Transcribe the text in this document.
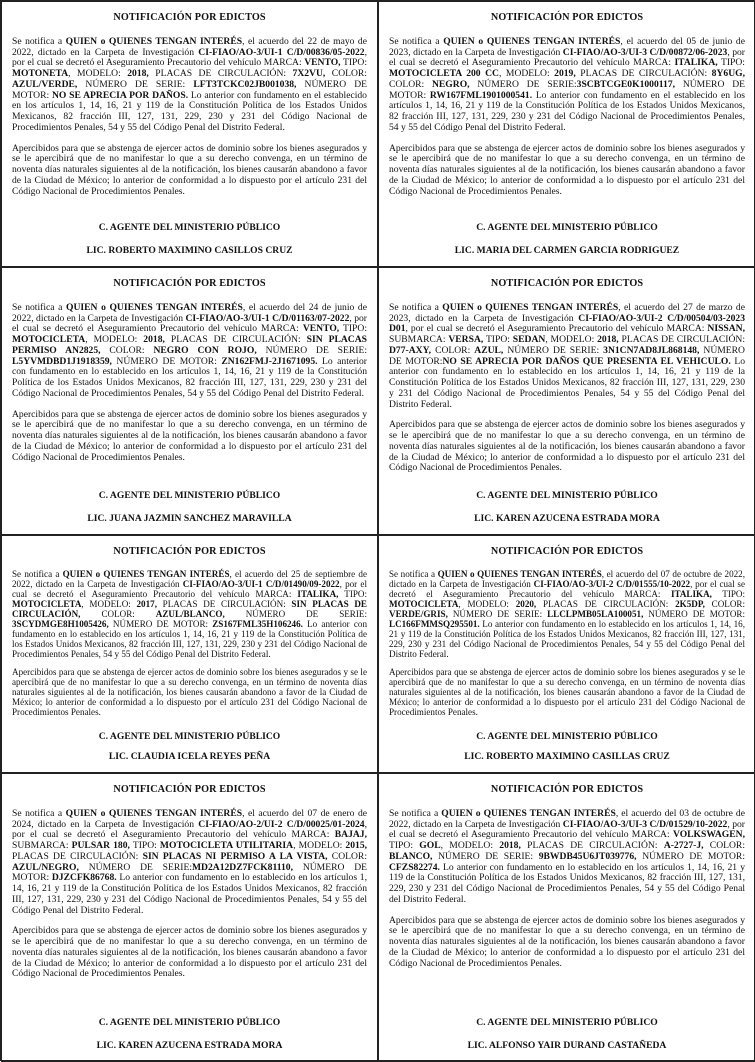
NOTIFICACIÓN POR EDICTOS

Se notifica a QUIEN o QUIENES TENGAN INTERÉS, el acuerdo del 22 de mayo de 2022, dictado en la Carpeta de Investigación CI-FIAO/AO-3/UI-1 C/D/00836/05-2022, por el cual se decretó el Aseguramiento Precautorio del vehículo MARCA: VENTO, TIPO: MOTONETA, MODELO: 2018, PLACAS DE CIRCULACIÓN: 7X2VU, COLOR: AZUL/VERDE, NÚMERO DE SERIE: LFT3TCKC02JB001038, NÚMERO DE MOTOR: NO SE APRECIA POR DAÑOS. Lo anterior con fundamento en el establecido en los artículos 1, 14, 16, 21 y 119 de la Constitución Política de los Estados Unidos Mexicanos, 82 fracción III, 127, 131, 229, 230 y 231 del Código Nacional de Procedimientos Penales, 54 y 55 del Código Penal del Distrito Federal.

Apercibidos para que se abstenga de ejercer actos de dominio sobre los bienes asegurados y se le apercibirá que de no manifestar lo que a su derecho convenga, en un término de noventa días naturales siguientes al de la notificación, los bienes causarán abandono a favor de la Ciudad de México; lo anterior de conformidad a lo dispuesto por el artículo 231 del Código Nacional de Procedimientos Penales.

C. AGENTE DEL MINISTERIO PÚBLICO
LIC. ROBERTO MAXIMINO CASILLOS CRUZ
NOTIFICACIÓN POR EDICTOS

Se notifica a QUIEN o QUIENES TENGAN INTERÉS, el acuerdo del 05 de junio de 2023, dictado en la Carpeta de Investigación CI-FIAO/AO-3/UI-3 C/D/00872/06-2023, por el cual se decretó el Aseguramiento Precautorio del vehículo MARCA: ITALIKA, TIPO: MOTOCICLETA 200 CC, MODELO: 2019, PLACAS DE CIRCULACIÓN: 8Y6UG, COLOR: NEGRO, NÚMERO DE SERIE:3SCBTCGE0K1000117, NÚMERO DE MOTOR: RW167FML1901000541. Lo anterior con fundamento en el establecido en los artículos 1, 14, 16, 21 y 119 de la Constitución Política de los Estados Unidos Mexicanos, 82 fracción III, 127, 131, 229, 230 y 231 del Código Nacional de Procedimientos Penales, 54 y 55 del Código Penal del Distrito Federal.

Apercibidos para que se abstenga de ejercer actos de dominio sobre los bienes asegurados y se le apercibirá que de no manifestar lo que a su derecho convenga, en un término de noventa días naturales siguientes al de la notificación, los bienes causarán abandono a favor de la Ciudad de México; lo anterior de conformidad a lo dispuesto por el artículo 231 del Código Nacional de Procedimientos Penales.

C. AGENTE DEL MINISTERIO PÚBLICO
LIC. MARIA DEL CARMEN GARCIA RODRIGUEZ
NOTIFICACIÓN POR EDICTOS

Se notifica a QUIEN o QUIENES TENGAN INTERÉS, el acuerdo del 24 de junio de 2022, dictado en la Carpeta de Investigación CI-FIAO/AO-3/UI-1 C/D/01163/07-2022, por el cual se decretó el Aseguramiento Precautorio del vehículo MARCA: VENTO, TIPO: MOTOCICLETA, MODELO: 2018, PLACAS DE CIRCULACIÓN: SIN PLACAS PERMISO AN2825, COLOR: NEGRO CON ROJO, NÚMERO DE SERIE: L5YVMDBD1J1918359, NÚMERO DE MOTOR: ZN162FMJ-2J1671095. Lo anterior con fundamento en lo establecido en los artículos 1, 14, 16, 21 y 119 de la Constitución Política de los Estados Unidos Mexicanos, 82 fracción III, 127, 131, 229, 230 y 231 del Código Nacional de Procedimientos Penales, 54 y 55 del Código Penal del Distrito Federal.

Apercibidos para que se abstenga de ejercer actos de dominio sobre los bienes asegurados y se le apercibirá que de no manifestar lo que a su derecho convenga, en un término de noventa días naturales siguientes al de la notificación, los bienes causarán abandono a favor de la Ciudad de México; lo anterior de conformidad a lo dispuesto por el artículo 231 del Código Nacional de Procedimientos Penales.

C. AGENTE DEL MINISTERIO PÚBLICO
LIC. JUANA JAZMIN SANCHEZ MARAVILLA
NOTIFICACIÓN POR EDICTOS

Se notifica a QUIEN o QUIENES TENGAN INTERÉS, el acuerdo del 27 de marzo de 2023, dictado en la Carpeta de Investigación CI-FIAO/AO-3/UI-2 C/D/00504/03-2023 D01, por el cual se decretó el Aseguramiento Precautorio del vehículo MARCA: NISSAN, SUBMARCA: VERSA, TIPO: SEDAN, MODELO: 2018, PLACAS DE CIRCULACIÓN: D77-AXY, COLOR: AZUL, NÚMERO DE SERIE: 3N1CN7AD8JL868148, NÚMERO DE MOTOR:NO SE APRECIA POR DAÑOS QUE PRESENTA EL VEHICULO. Lo anterior con fundamento en lo establecido en los artículos 1, 14, 16, 21 y 119 de la Constitución Política de los Estados Unidos Mexicanos, 82 fracción III, 127, 131, 229, 230 y 231 del Código Nacional de Procedimientos Penales, 54 y 55 del Código Penal del Distrito Federal.

Apercibidos para que se abstenga de ejercer actos de dominio sobre los bienes asegurados y se le apercibirá que de no manifestar lo que a su derecho convenga, en un término de noventa días naturales siguientes al de la notificación, los bienes causarán abandono a favor de la Ciudad de México; lo anterior de conformidad a lo dispuesto por el artículo 231 del Código Nacional de Procedimientos Penales.

C. AGENTE DEL MINISTERIO PÚBLICO
LIC. KAREN AZUCENA ESTRADA MORA
NOTIFICACIÓN POR EDICTOS

Se notifica a QUIEN o QUIENES TENGAN INTERÉS, el acuerdo del 25 de septiembre de 2022, dictado en la Carpeta de Investigación CI-FIAO/AO-3/UI-1 C/D/01490/09-2022, por el cual se decretó el Aseguramiento Precautorio del vehículo MARCA: ITALIKA, TIPO: MOTOCICLETA, MODELO: 2017, PLACAS DE CIRCULACIÓN: SIN PLACAS DE CIRCULACIÓN, COLOR: AZUL/BLANCO, NÚMERO DE SERIE: 3SCYDMGE8H1005426, NÚMERO DE MOTOR: ZS167FML35H106246. Lo anterior con fundamento en lo establecido en los artículos 1, 14, 16, 21 y 119 de la Constitución Política de los Estados Unidos Mexicanos, 82 fracción III, 127, 131, 229, 230 y 231 del Código Nacional de Procedimientos Penales, 54 y 55 del Código Penal del Distrito Federal.

Apercibidos para que se abstenga de ejercer actos de dominio sobre los bienes asegurados y se le apercibirá que de no manifestar lo que a su derecho convenga, en un término de noventa días naturales siguientes al de la notificación, los bienes causarán abandono a favor de la Ciudad de México; lo anterior de conformidad a lo dispuesto por el artículo 231 del Código Nacional de Procedimientos Penales.

C. AGENTE DEL MINISTERIO PÚBLICO
LIC. CLAUDIA ICELA REYES PEÑA
NOTIFICACIÓN POR EDICTOS

Se notifica a QUIEN o QUIENES TENGAN INTERÉS, el acuerdo del 07 de octubre de 2022, dictado en la Carpeta de Investigación CI-FIAO/AO-3/UI-2 C/D/01555/10-2022, por el cual se decretó el Aseguramiento Precautorio del vehículo MARCA: ITALIKA, TIPO: MOTOCICLETA, MODELO: 2020, PLACAS DE CIRCULACIÓN: 2K5DP, COLOR: VERDE/GRIS, NÚMERO DE SERIE: LLCLPMB05LA100051, NÚMERO DE MOTOR: LC166FMMSQ295501. Lo anterior con fundamento en lo establecido en los artículos 1, 14, 16, 21 y 119 de la Constitución Política de los Estados Unidos Mexicanos, 82 fracción III, 127, 131, 229, 230 y 231 del Código Nacional de Procedimientos Penales, 54 y 55 del Código Penal del Distrito Federal.

Apercibidos para que se abstenga de ejercer actos de dominio sobre los bienes asegurados y se le apercibirá que de no manifestar lo que a su derecho convenga, en un término de noventa días naturales siguientes al de la notificación, los bienes causarán abandono a favor de la Ciudad de México; lo anterior de conformidad a lo dispuesto por el artículo 231 del Código Nacional de Procedimientos Penales.

C. AGENTE DEL MINISTERIO PÚBLICO
LIC. ROBERTO MAXIMINO CASILLAS CRUZ
NOTIFICACIÓN POR EDICTOS

Se notifica a QUIEN o QUIENES TENGAN INTERÉS, el acuerdo del 07 de enero de 2024, dictado en la Carpeta de Investigación CI-FIAO/AO-2/UI-2 C/D/00025/01-2024, por el cual se decretó el Aseguramiento Precautorio del vehículo MARCA: BAJAJ, SUBMARCA: PULSAR 180, TIPO: MOTOCICLETA UTILITARIA, MODELO: 2015, PLACAS DE CIRCULACIÓN: SIN PLACAS NI PERMISO A LA VISTA, COLOR: AZUL/NEGRO, NÚMERO DE SERIE:MD2A12DZ7FCK81110, NÚMERO DE MOTOR: DJZCFK86768. Lo anterior con fundamento en lo establecido en los artículos 1, 14, 16, 21 y 119 de la Constitución Política de los Estados Unidos Mexicanos, 82 fracción III, 127, 131, 229, 230 y 231 del Código Nacional de Procedimientos Penales, 54 y 55 del Código Penal del Distrito Federal.

Apercibidos para que se abstenga de ejercer actos de dominio sobre los bienes asegurados y se le apercibirá que de no manifestar lo que a su derecho convenga, en un término de noventa días naturales siguientes al de la notificación, los bienes causarán abandono a favor de la Ciudad de México; lo anterior de conformidad a lo dispuesto por el artículo 231 del Código Nacional de Procedimientos Penales.

C. AGENTE DEL MINISTERIO PÚBLICO
LIC. KAREN AZUCENA ESTRADA MORA
NOTIFICACIÓN POR EDICTOS

Se notifica a QUIEN o QUIENES TENGAN INTERÉS, el acuerdo del 03 de octubre de 2022, dictado en la Carpeta de Investigación CI-FIAO/AO-3/UI-3 C/D/01529/10-2022, por el cual se decretó el Aseguramiento Precautorio del vehículo MARCA: VOLKSWAGEN, TIPO: GOL, MODELO: 2018, PLACAS DE CIRCULACIÓN: A-2727-J, COLOR: BLANCO, NÚMERO DE SERIE: 9BWDB45U6JT039776, NÚMERO DE MOTOR: CFZS82274. Lo anterior con fundamento en lo establecido en los artículos 1, 14, 16, 21 y 119 de la Constitución Política de los Estados Unidos Mexicanos, 82 fracción III, 127, 131, 229, 230 y 231 del Código Nacional de Procedimientos Penales, 54 y 55 del Código Penal del Distrito Federal.

Apercibidos para que se abstenga de ejercer actos de dominio sobre los bienes asegurados y se le apercibirá que de no manifestar lo que a su derecho convenga, en un término de noventa días naturales siguientes al de la notificación, los bienes causarán abandono a favor de la Ciudad de México; lo anterior de conformidad a lo dispuesto por el artículo 231 del Código Nacional de Procedimientos Penales.

C. AGENTE DEL MINISTERIO PÚBLICO
LIC. ALFONSO YAIR DURAND CASTAÑEDA
